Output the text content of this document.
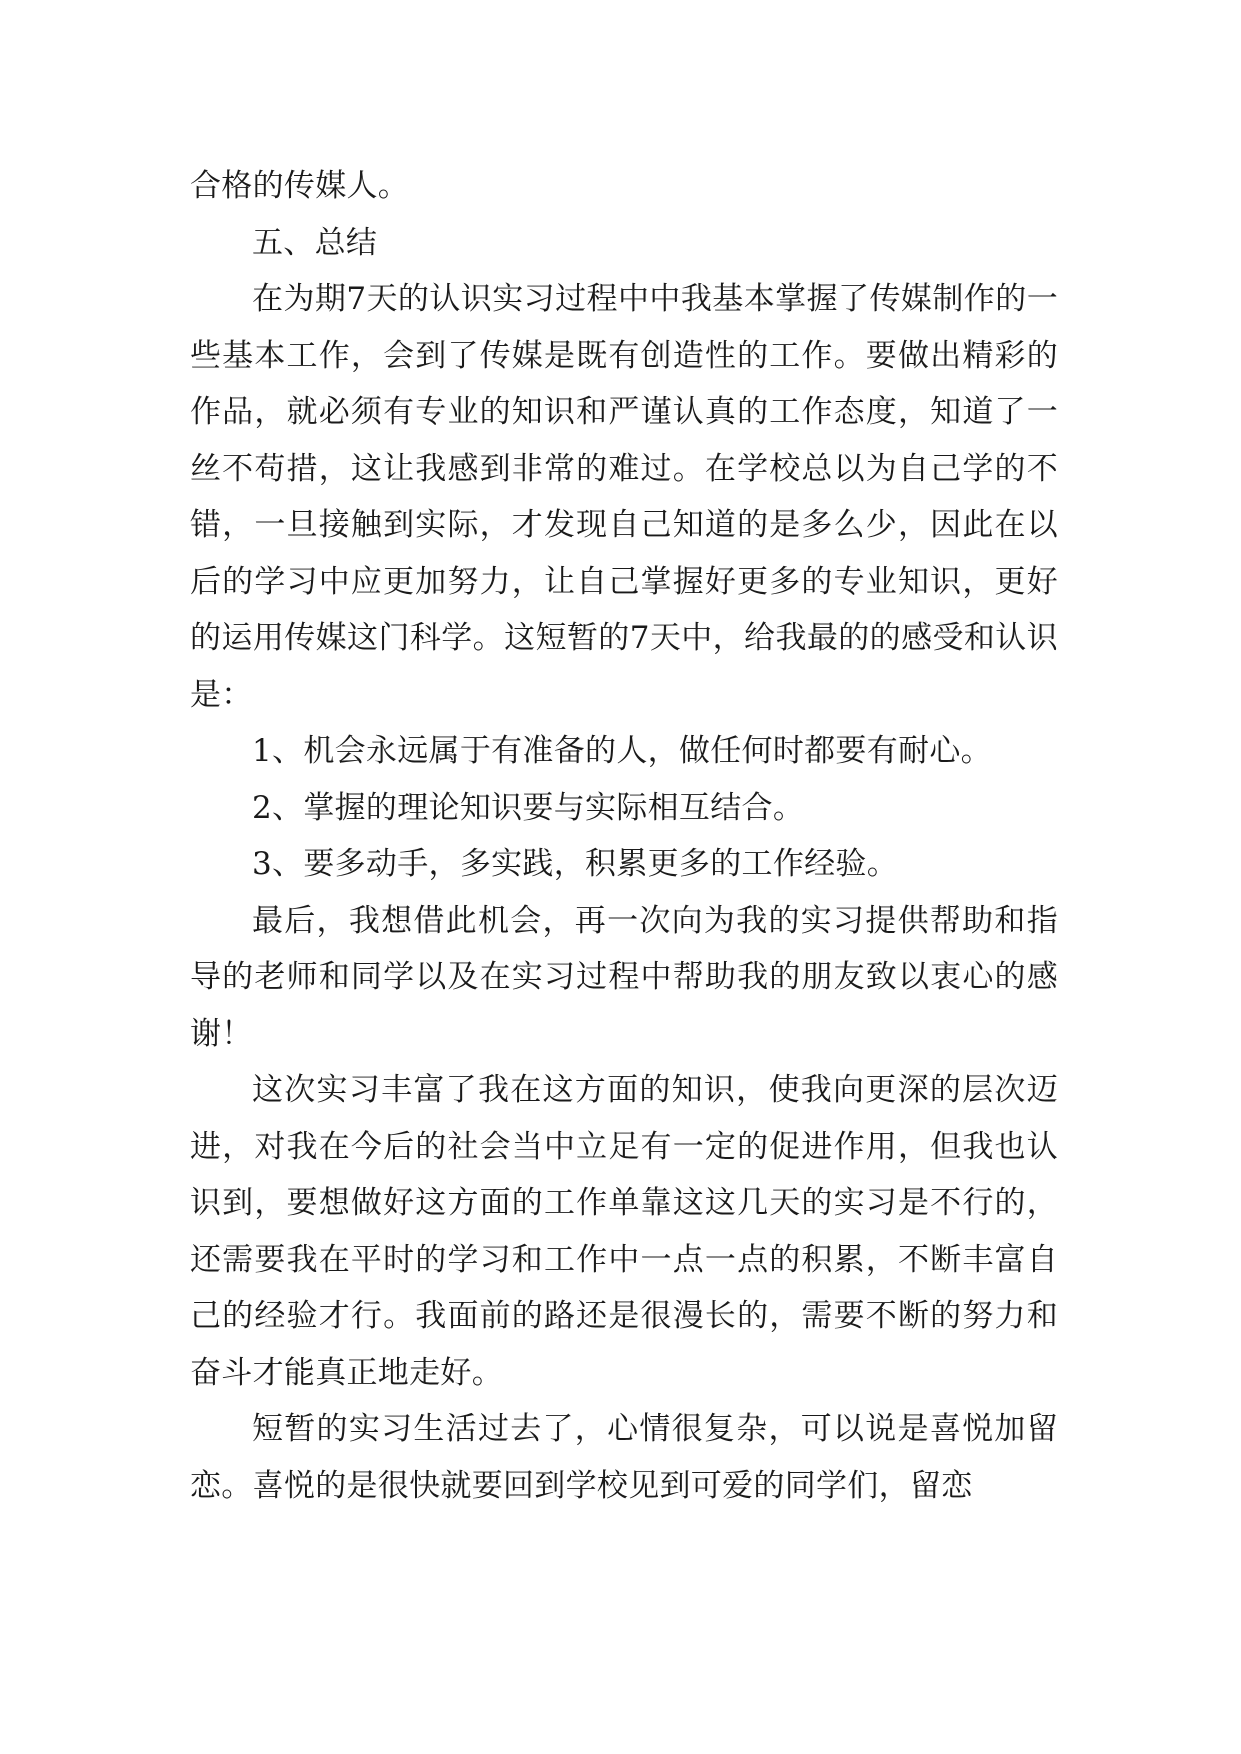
合格的传媒人。

五、总结

在为期7天的认识实习过程中中我基本掌握了传媒制作的一些基本工作，会到了传媒是既有创造性的工作。要做出精彩的作品，就必须有专业的知识和严谨认真的工作态度，知道了一丝不苟措，这让我感到非常的难过。在学校总以为自己学的不错，一旦接触到实际，才发现自己知道的是多么少，因此在以后的学习中应更加努力，让自己掌握好更多的专业知识，更好的运用传媒这门科学。这短暂的7天中，给我最的的感受和认识是：

1、机会永远属于有准备的人，做任何时都要有耐心。

2、掌握的理论知识要与实际相互结合。

3、要多动手，多实践，积累更多的工作经验。

最后，我想借此机会，再一次向为我的实习提供帮助和指导的老师和同学以及在实习过程中帮助我的朋友致以衷心的感谢！

这次实习丰富了我在这方面的知识，使我向更深的层次迈进，对我在今后的社会当中立足有一定的促进作用，但我也认识到，要想做好这方面的工作单靠这这几天的实习是不行的，还需要我在平时的学习和工作中一点一点的积累，不断丰富自己的经验才行。我面前的路还是很漫长的，需要不断的努力和奋斗才能真正地走好。

短暂的实习生活过去了，心情很复杂，可以说是喜悦加留恋。喜悦的是很快就要回到学校见到可爱的同学们，留恋
